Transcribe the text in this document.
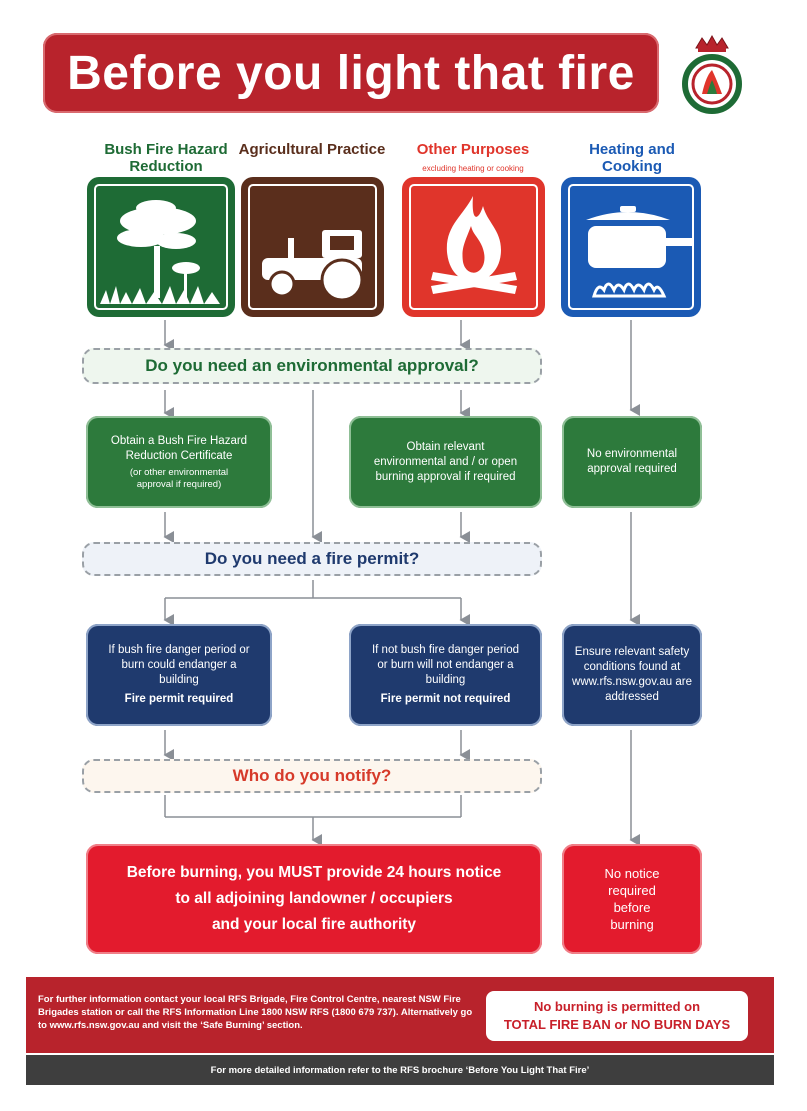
Before you light that fire
Bush Fire Hazard Reduction
Agricultural Practice	Other Purposes
excluding heating or cooking
Heating and Cooking
Do you need an environmental approval?
Obtain a Bush Fire Hazard
Reduction Certificate
(or other environmental approval if required)
Obtain relevant environmental and / or open burning approval if required
No environmental approval required
Do you need a fire permit?
If bush fire danger period or burn could endanger a building
Fire permit required
If not bush fire danger period or burn will not endanger a building
Fire permit not required
Ensure relevant safety conditions found at www.rfs.nsw.gov.au are addressed
Who do you notify?
Before burning, you MUST provide 24 hours notice
to all adjoining landowner / occupiers
and your local fire authority
No notice required before burning
For further information contact your local RFS Brigade, Fire Control Centre, nearest NSW Fire Brigades station or call the RFS Information Line 1800 NSW RFS (1800 679 737). Alternatively go to www.rfs.nsw.gov.au and visit the ‘Safe Burning’ section.
No burning is permitted on
TOTAL FIRE BAN or NO BURN DAYS
For more detailed information refer to the RFS brochure ‘Before You Light That Fire’
